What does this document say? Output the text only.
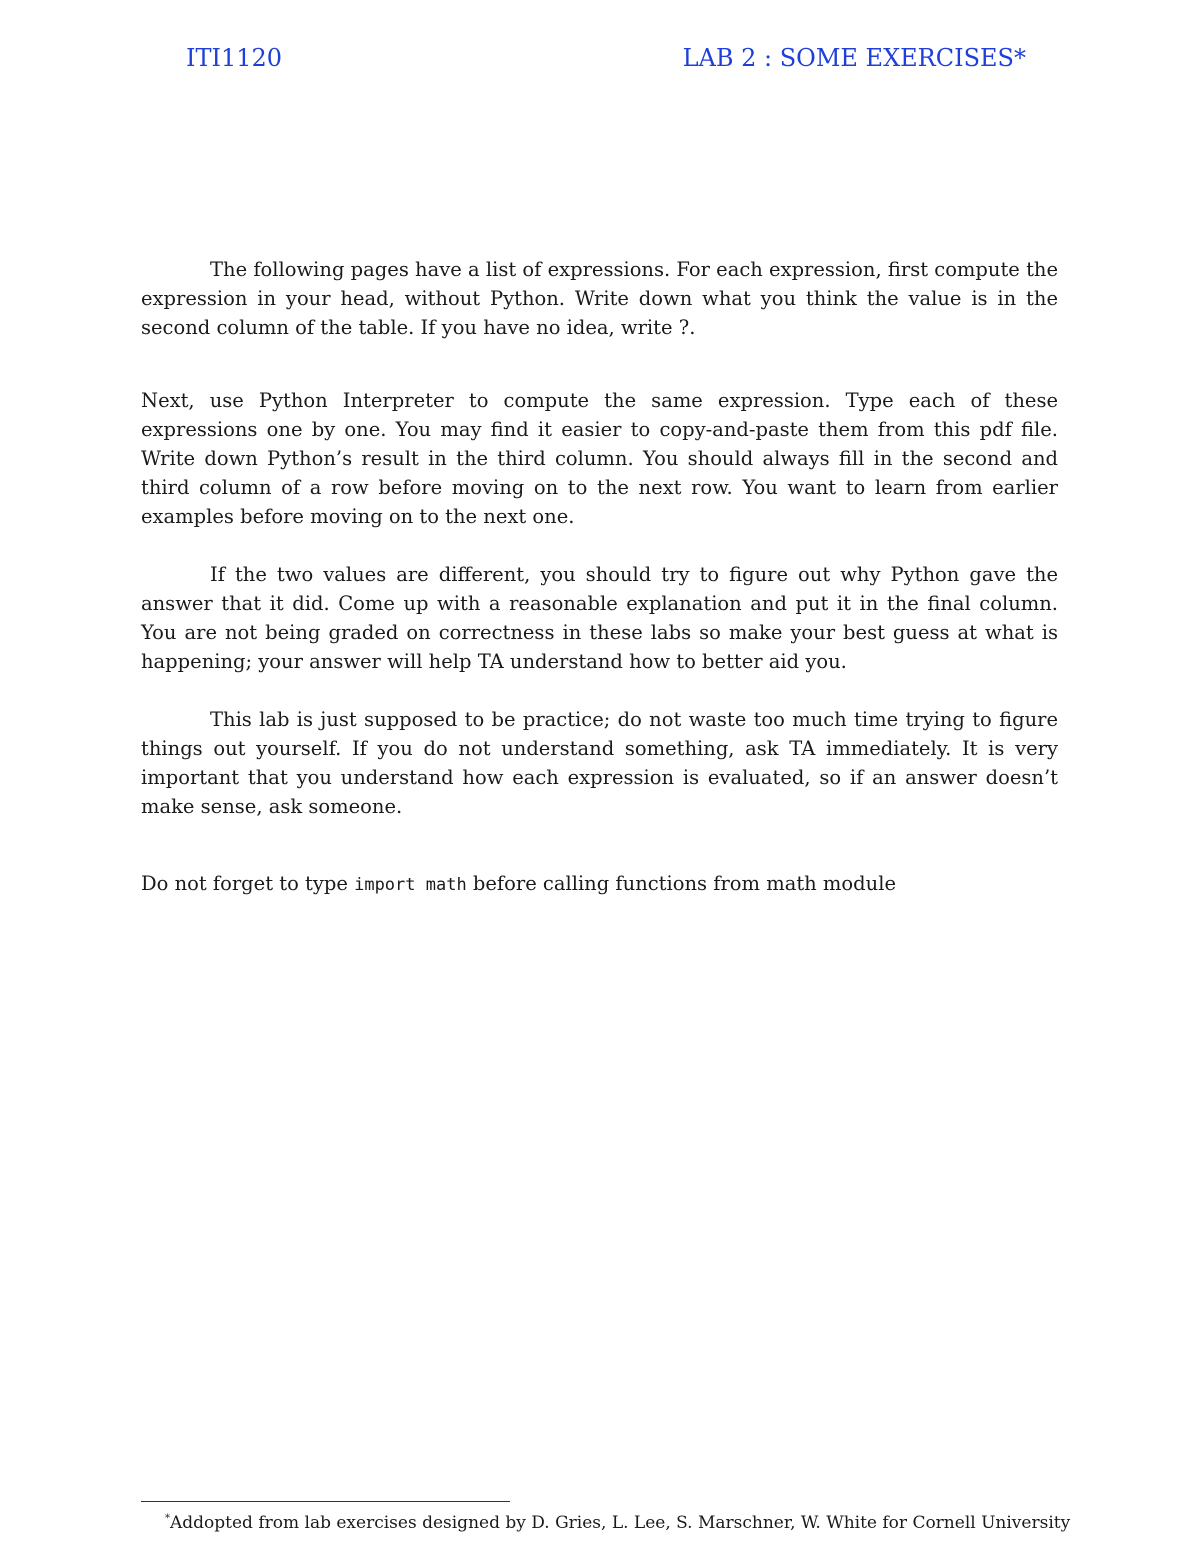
ITI1120	LAB 2 : SOME EXERCISES*

The following pages have a list of expressions. For each expression, first compute the expression in your head, without Python. Write down what you think the value is in the second column of the table. If you have no idea, write ?.

Next, use Python Interpreter to compute the same expression. Type each of these expressions one by one. You may find it easier to copy-and-paste them from this pdf file. Write down Python’s result in the third column. You should always fill in the second and third column of a row before moving on to the next row. You want to learn from earlier examples before moving on to the next one.

If the two values are different, you should try to figure out why Python gave the answer that it did. Come up with a reasonable explanation and put it in the final column. You are not being graded on correctness in these labs so make your best guess at what is happening; your answer will help TA understand how to better aid you.

This lab is just supposed to be practice; do not waste too much time trying to figure things out yourself. If you do not understand something, ask TA immediately. It is very important that you understand how each expression is evaluated, so if an answer doesn’t make sense, ask someone.

Do not forget to type import math before calling functions from math module

*Addopted from lab exercises designed by D. Gries, L. Lee, S. Marschner, W. White for Cornell University
